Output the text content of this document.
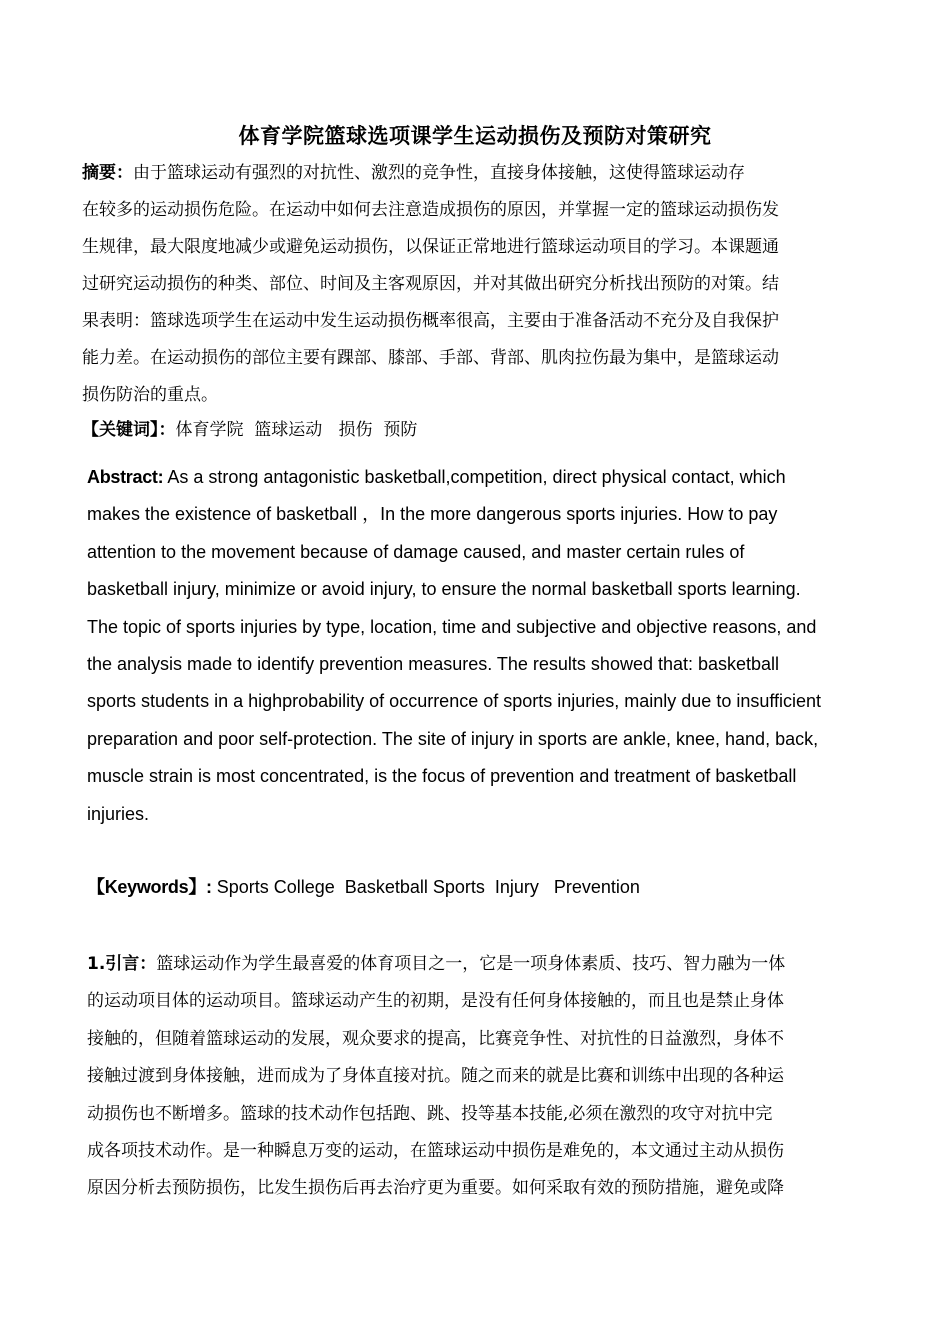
体育学院篮球选项课学生运动损伤及预防对策研究
摘要：由于篮球运动有强烈的对抗性、激烈的竞争性，直接身体接触，这使得篮球运动存
在较多的运动损伤危险。在运动中如何去注意造成损伤的原因，并掌握一定的篮球运动损伤发
生规律，最大限度地减少或避免运动损伤，以保证正常地进行篮球运动项目的学习。本课题通
过研究运动损伤的种类、部位、时间及主客观原因，并对其做出研究分析找出预防的对策。结
果表明：篮球选项学生在运动中发生运动损伤概率很高，主要由于准备活动不充分及自我保护
能力差。在运动损伤的部位主要有踝部、膝部、手部、背部、肌肉拉伤最为集中，是篮球运动
损伤防治的重点。
【关键词】：体育学院  篮球运动   损伤  预防
Abstract: As a strong antagonistic basketball,competition, direct physical contact, which
makes the existence of basketball ，In the more dangerous sports injuries. How to pay
attention to the movement because of damage caused, and master certain rules of
basketball injury, minimize or avoid injury, to ensure the normal basketball sports learning.
The topic of sports injuries by type, location, time and subjective and objective reasons, and
the analysis made to identify prevention measures. The results showed that: basketball
sports students in a highprobability of occurrence of sports injuries, mainly due to insufficient
preparation and poor self-protection. The site of injury in sports are ankle, knee, hand, back,
muscle strain is most concentrated, is the focus of prevention and treatment of basketball
injuries.
【Keywords】: Sports College  Basketball Sports  Injury   Prevention
1.引言：篮球运动作为学生最喜爱的体育项目之一，它是一项身体素质、技巧、智力融为一体
的运动项目体的运动项目。篮球运动产生的初期，是没有任何身体接触的，而且也是禁止身体
接触的，但随着篮球运动的发展，观众要求的提高，比赛竞争性、对抗性的日益激烈，身体不
接触过渡到身体接触，进而成为了身体直接对抗。随之而来的就是比赛和训练中出现的各种运
动损伤也不断增多。篮球的技术动作包括跑、跳、投等基本技能,必须在激烈的攻守对抗中完
成各项技术动作。是一种瞬息万变的运动，在篮球运动中损伤是难免的，本文通过主动从损伤
原因分析去预防损伤，比发生损伤后再去治疗更为重要。如何采取有效的预防措施，避免或降
